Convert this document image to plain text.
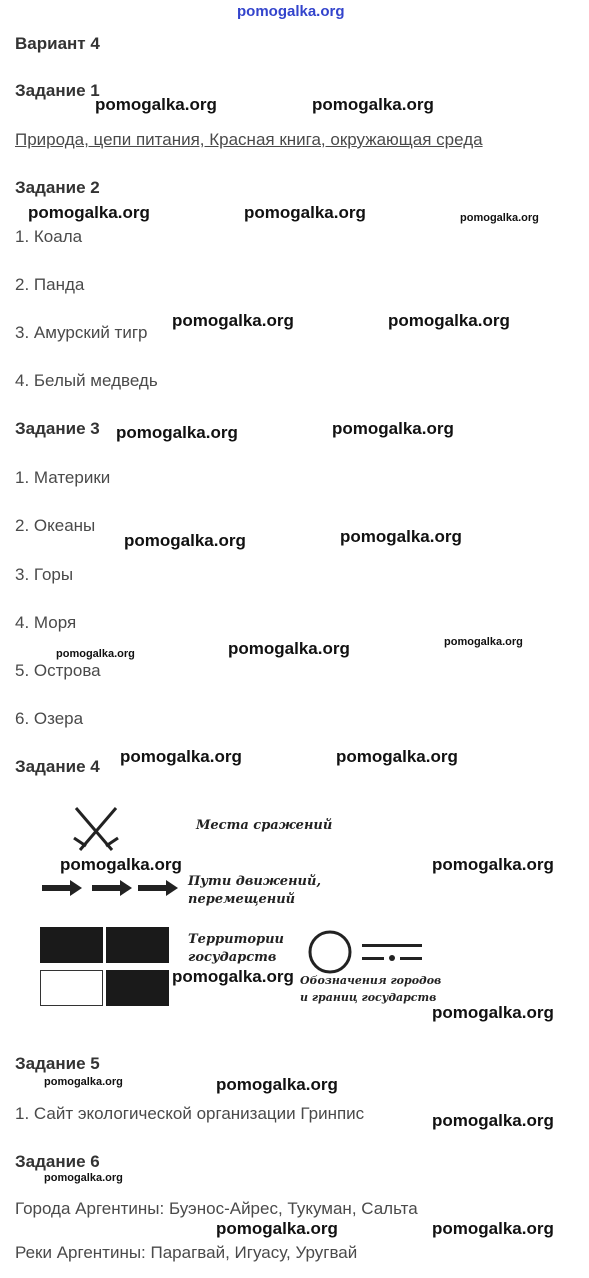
pomogalka.org
Вариант 4
Задание 1
Природа, цепи питания, Красная книга, окружающая среда
Задание 2
1. Коала
2. Панда
3. Амурский тигр
4. Белый медведь
Задание 3
1. Материки
2. Океаны
3. Горы
4. Моря
5. Острова
6. Озера
Задание 4
Места сражений
Пути движений,
перемещений
Территории
государств
Обозначения городов
и границ государств
Задание 5
1. Сайт экологической организации Гринпис
Задание 6
Города Аргентины: Буэнос-Айрес, Тукуман, Сальта
Реки Аргентины: Парагвай, Игуасу, Уругвай
pomogalka.org	pomogalka.org
pomogalka.org	pomogalka.org
pomogalka.org	pomogalka.org
pomogalka.org	pomogalka.org
pomogalka.org	pomogalka.org
pomogalka.org
pomogalka.org	pomogalka.org
pomogalka.org	pomogalka.org
pomogalka.org
pomogalka.org
pomogalka.org
pomogalka.org
pomogalka.org	pomogalka.org
pomogalka.org
pomogalka.org
pomogalka.org
pomogalka.org
pomogalka.org
